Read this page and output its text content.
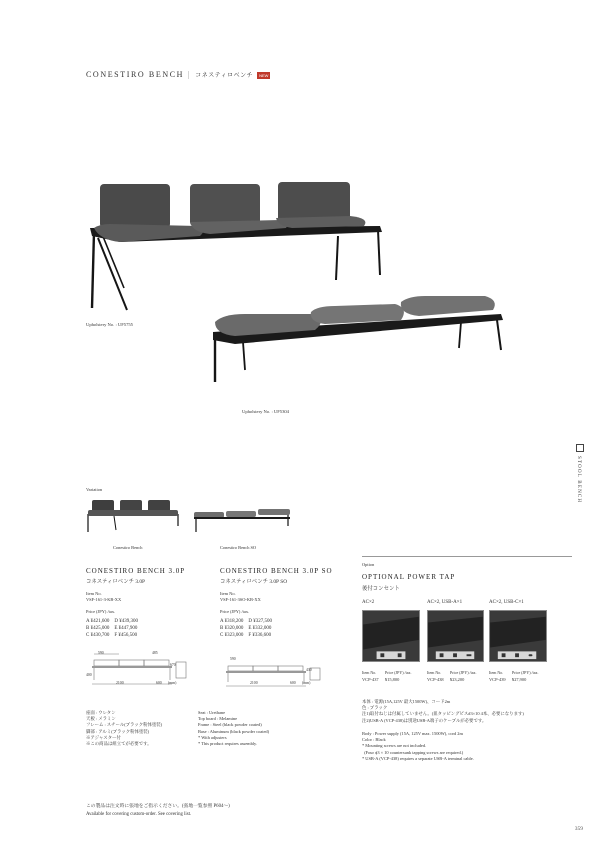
CONESTIRO BENCH | コネスティロベンチ NEW
Upholstery No. : UF5755
Upholstery No. : UF5304
STOOL BENCH
Variation
Conestiro Bench	Conestiro Bench SO
CONESTIRO BENCH 3.0P
コネスティロベンチ 3.0P
Item No.
VSF-161-3-KB-XX
Price (JPY) /tax.
A ¥421,600　D ¥439,300
B ¥425,000　E ¥447,900
C ¥430,700　F ¥456,500
590	485
400
670
2100	600 (mm)
CONESTIRO BENCH 3.0P SO
コネスティロベンチ 3.0P SO
Item No.
VSF-161-3SO-KB-XX
Price (JPY) /tax.
A ¥318,200　D ¥327,500
B ¥320,000　E ¥332,000
C ¥323,000　F ¥336,600
590
430
2100	600 (mm)
座面 : ウレタン
天板 : メラミン
フレーム : スチール(ブラック粉体塗装)
脚部 : アルミ(ブラック粉体塗装)
※アジャスター付
※この商品は組立てが必要です。
Seat : Urethane
Top board : Melamine
Frame : Steel (black powder coated)
Base : Aluminum (black powder coated)
* With adjusters
* This product requires assembly.
Option
OPTIONAL POWER TAP
後付コンセント
AC×2	AC×2, USB-A×1	AC×2, USB-C×1
Item No. Price (JPY) /tax.	Item No. Price (JPY) /tax.	Item No. Price (JPY) /tax.
VCP-437 ¥15,800	VCP-438 ¥23,200	VCP-439 ¥27,900
本体 : 電源(15A,125V 最大1500W)、コード2m
色 : ブラック
注1)取付ねじは付属していません。(皿タッピングビス#3×10 4本、必要になります)
注2)USB-A (VCP-438)は別途USB-A端子のケーブルが必要です。
Body : Power supply (15A, 125V max. 1500W), cord 2m
Color : Black
* Mounting screws are not included.
(Four ϕ3 × 10 countersunk tapping screws are required.)
* USB-A (VCP-438) requires a separate USB-A terminal cable.
この製品は注文時に張地をご指示ください。(張地一覧参照 P604〜)
Available for covering custom-order. See covering list.
359
